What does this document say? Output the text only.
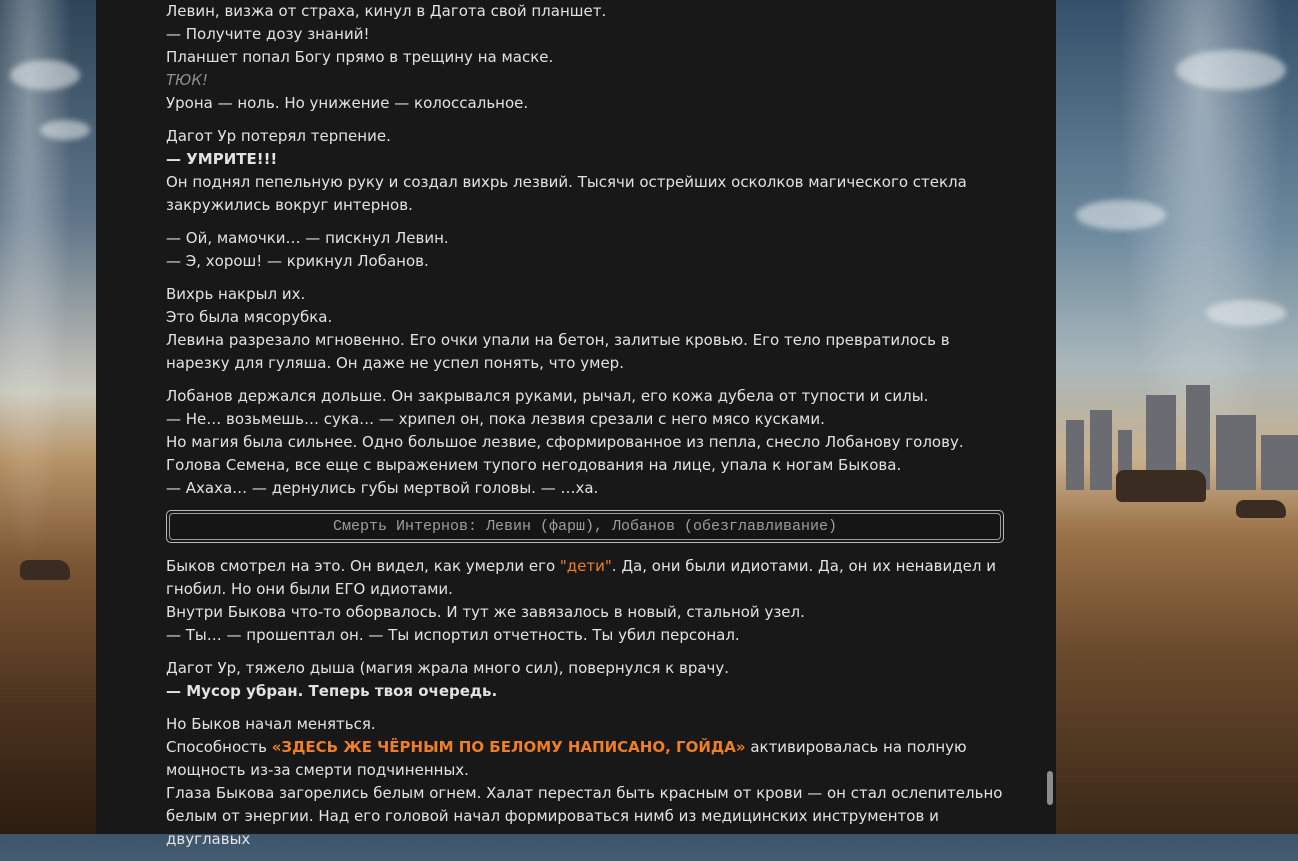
Левин, визжа от страха, кинул в Дагота свой планшет.
— Получите дозу знаний!
Планшет попал Богу прямо в трещину на маске.
ТЮК!
Урона — ноль. Но унижение — колоссальное.

Дагот Ур потерял терпение.
— УМРИТЕ!!!
Он поднял пепельную руку и создал вихрь лезвий. Тысячи острейших осколков магического стекла закружились вокруг интернов.

— Ой, мамочки… — пискнул Левин.
— Э, хорош! — крикнул Лобанов.

Вихрь накрыл их.
Это была мясорубка.
Левина разрезало мгновенно. Его очки упали на бетон, залитые кровью. Его тело превратилось в нарезку для гуляша. Он даже не успел понять, что умер.

Лобанов держался дольше. Он закрывался руками, рычал, его кожа дубела от тупости и силы.
— Не… возьмешь… сука… — хрипел он, пока лезвия срезали с него мясо кусками.
Но магия была сильнее. Одно большое лезвие, сформированное из пепла, снесло Лобанову голову.
Голова Семена, все еще с выражением тупого негодования на лице, упала к ногам Быкова.
— Ахаха… — дернулись губы мертвой головы. — …ха.

Смерть Интернов: Левин (фарш), Лобанов (обезглавливание)

Быков смотрел на это. Он видел, как умерли его "дети". Да, они были идиотами. Да, он их ненавидел и гнобил. Но они были ЕГО идиотами.
Внутри Быкова что-то оборвалось. И тут же завязалось в новый, стальной узел.
— Ты… — прошептал он. — Ты испортил отчетность. Ты убил персонал.

Дагот Ур, тяжело дыша (магия жрала много сил), повернулся к врачу.
— Мусор убран. Теперь твоя очередь.

Но Быков начал меняться.
Способность «ЗДЕСЬ ЖЕ ЧЁРНЫМ ПО БЕЛОМУ НАПИСАНО, ГОЙДА» активировалась на полную мощность из-за смерти подчиненных.
Глаза Быкова загорелись белым огнем. Халат перестал быть красным от крови — он стал ослепительно белым от энергии. Над его головой начал формироваться нимб из медицинских инструментов и двуглавых
